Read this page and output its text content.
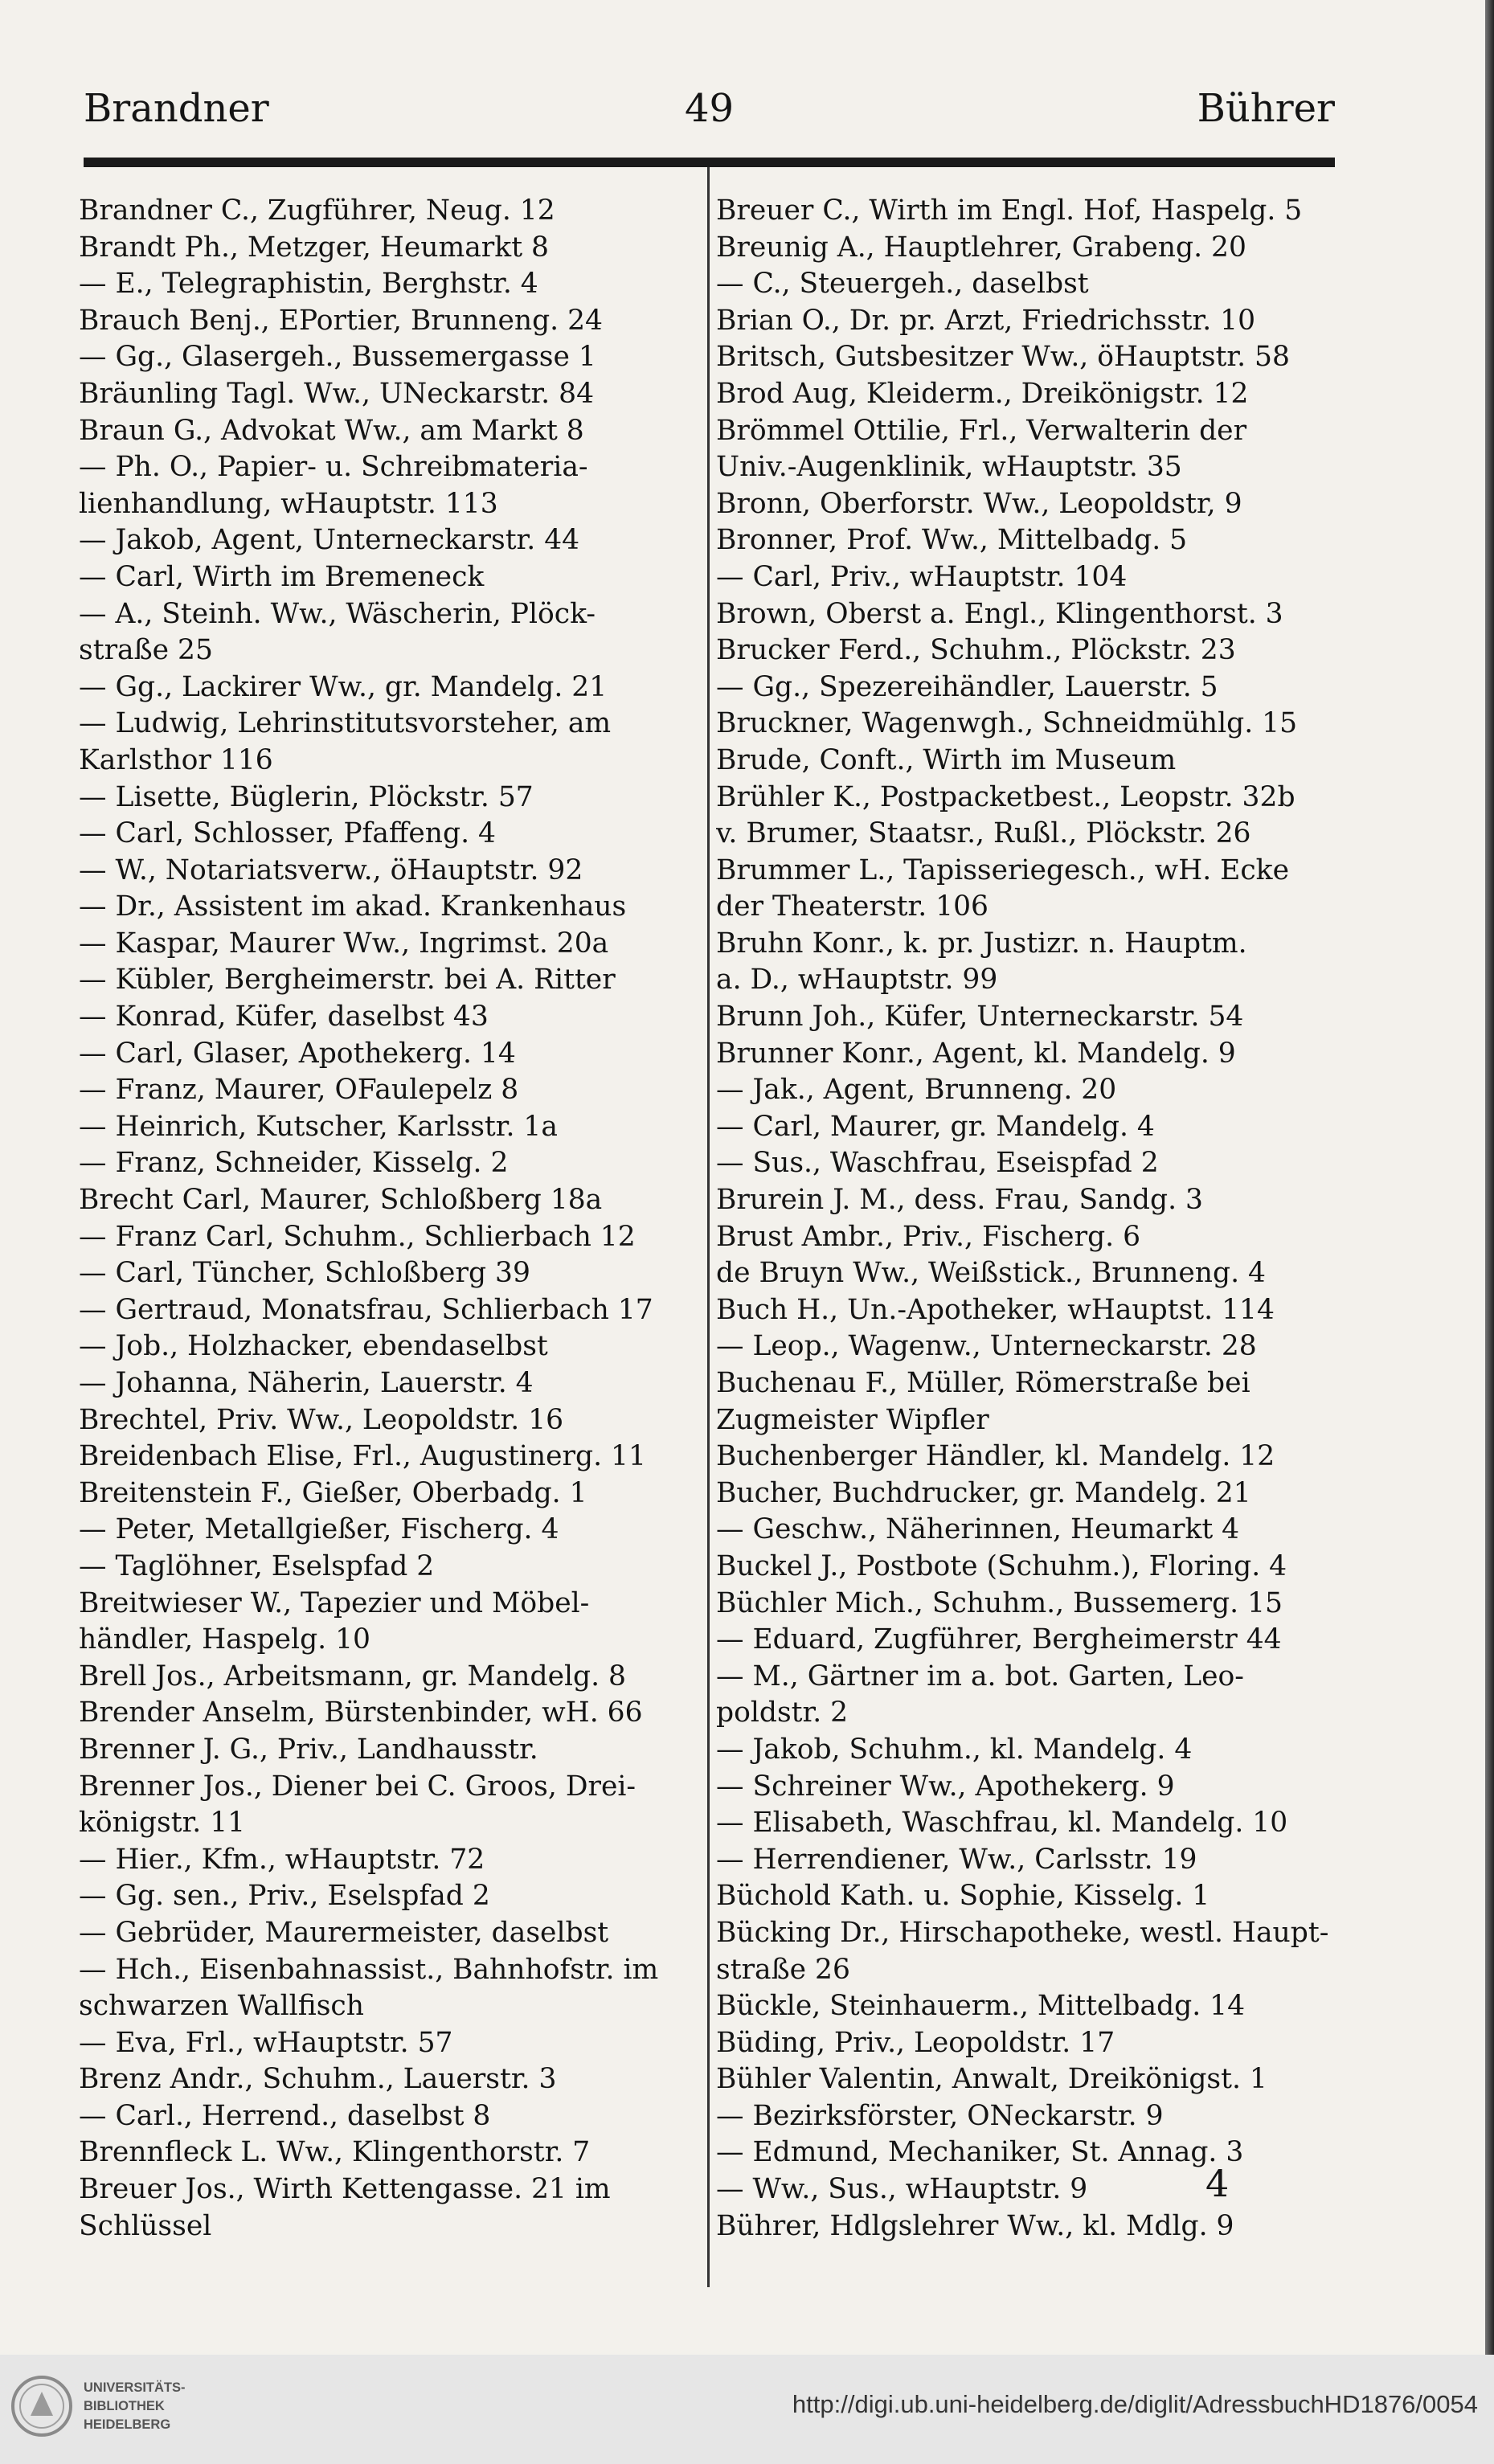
Brandner	49	Bührer
Brandner C., Zugführer, Neug. 12
Brandt Ph., Metzger, Heumarkt 8
— E., Telegraphistin, Berghstr. 4
Brauch Benj., EPortier, Brunneng. 24
— Gg., Glasergeh., Bussemergasse 1
Bräunling Tagl. Ww., UNeckarstr. 84
Braun G., Advokat Ww., am Markt 8
— Ph. O., Papier- u. Schreibmateria-
lienhandlung, wHauptstr. 113
— Jakob, Agent, Unterneckarstr. 44
— Carl, Wirth im Bremeneck
— A., Steinh. Ww., Wäscherin, Plöck-
straße 25
— Gg., Lackirer Ww., gr. Mandelg. 21
— Ludwig, Lehrinstitutsvorsteher, am
Karlsthor 116
— Lisette, Büglerin, Plöckstr. 57
— Carl, Schlosser, Pfaffeng. 4
— W., Notariatsverw., öHauptstr. 92
— Dr., Assistent im akad. Krankenhaus
— Kaspar, Maurer Ww., Ingrimst. 20a
— Kübler, Bergheimerstr. bei A. Ritter
— Konrad, Küfer, daselbst 43
— Carl, Glaser, Apothekerg. 14
— Franz, Maurer, OFaulepelz 8
— Heinrich, Kutscher, Karlsstr. 1a
— Franz, Schneider, Kisselg. 2
Brecht Carl, Maurer, Schloßberg 18a
— Franz Carl, Schuhm., Schlierbach 12
— Carl, Tüncher, Schloßberg 39
— Gertraud, Monatsfrau, Schlierbach 17
— Job., Holzhacker, ebendaselbst
— Johanna, Näherin, Lauerstr. 4
Brechtel, Priv. Ww., Leopoldstr. 16
Breidenbach Elise, Frl., Augustinerg. 11
Breitenstein F., Gießer, Oberbadg. 1
— Peter, Metallgießer, Fischerg. 4
— Taglöhner, Eselspfad 2
Breitwieser W., Tapezier und Möbel-
händler, Haspelg. 10
Brell Jos., Arbeitsmann, gr. Mandelg. 8
Brender Anselm, Bürstenbinder, wH. 66
Brenner J. G., Priv., Landhausstr.
Brenner Jos., Diener bei C. Groos, Drei-
königstr. 11
— Hier., Kfm., wHauptstr. 72
— Gg. sen., Priv., Eselspfad 2
— Gebrüder, Maurermeister, daselbst
— Hch., Eisenbahnassist., Bahnhofstr. im
schwarzen Wallfisch
— Eva, Frl., wHauptstr. 57
Brenz Andr., Schuhm., Lauerstr. 3
— Carl., Herrend., daselbst 8
Brennfleck L. Ww., Klingenthorstr. 7
Breuer Jos., Wirth Kettengasse. 21 im
Schlüssel
Breuer C., Wirth im Engl. Hof, Haspelg. 5
Breunig A., Hauptlehrer, Grabeng. 20
— C., Steuergeh., daselbst
Brian O., Dr. pr. Arzt, Friedrichsstr. 10
Britsch, Gutsbesitzer Ww., öHauptstr. 58
Brod Aug, Kleiderm., Dreikönigstr. 12
Brömmel Ottilie, Frl., Verwalterin der
Univ.-Augenklinik, wHauptstr. 35
Bronn, Oberforstr. Ww., Leopoldstr, 9
Bronner, Prof. Ww., Mittelbadg. 5
— Carl, Priv., wHauptstr. 104
Brown, Oberst a. Engl., Klingenthorst. 3
Brucker Ferd., Schuhm., Plöckstr. 23
— Gg., Spezereihändler, Lauerstr. 5
Bruckner, Wagenwgh., Schneidmühlg. 15
Brude, Conft., Wirth im Museum
Brühler K., Postpacketbest., Leopstr. 32b
v. Brumer, Staatsr., Rußl., Plöckstr. 26
Brummer L., Tapisseriegesch., wH. Ecke
der Theaterstr. 106
Bruhn Konr., k. pr. Justizr. n. Hauptm.
a. D., wHauptstr. 99
Brunn Joh., Küfer, Unterneckarstr. 54
Brunner Konr., Agent, kl. Mandelg. 9
— Jak., Agent, Brunneng. 20
— Carl, Maurer, gr. Mandelg. 4
— Sus., Waschfrau, Eseispfad 2
Brurein J. M., dess. Frau, Sandg. 3
Brust Ambr., Priv., Fischerg. 6
de Bruyn Ww., Weißstick., Brunneng. 4
Buch H., Un.-Apotheker, wHauptst. 114
— Leop., Wagenw., Unterneckarstr. 28
Buchenau F., Müller, Römerstraße bei
Zugmeister Wipfler
Buchenberger Händler, kl. Mandelg. 12
Bucher, Buchdrucker, gr. Mandelg. 21
— Geschw., Näherinnen, Heumarkt 4
Buckel J., Postbote (Schuhm.), Floring. 4
Büchler Mich., Schuhm., Bussemerg. 15
— Eduard, Zugführer, Bergheimerstr 44
— M., Gärtner im a. bot. Garten, Leo-
poldstr. 2
— Jakob, Schuhm., kl. Mandelg. 4
— Schreiner Ww., Apothekerg. 9
— Elisabeth, Waschfrau, kl. Mandelg. 10
— Herrendiener, Ww., Carlsstr. 19
Büchold Kath. u. Sophie, Kisselg. 1
Bücking Dr., Hirschapotheke, westl. Haupt-
straße 26
Bückle, Steinhauerm., Mittelbadg. 14
Büding, Priv., Leopoldstr. 17
Bühler Valentin, Anwalt, Dreikönigst. 1
— Bezirksförster, ONeckarstr. 9
— Edmund, Mechaniker, St. Annag. 3
— Ww., Sus., wHauptstr. 9
Bührer, Hdlgslehrer Ww., kl. Mdlg. 9
4
UNIVERSITÄTS-
BIBLIOTHEK
HEIDELBERG
http://digi.ub.uni-heidelberg.de/diglit/AdressbuchHD1876/0054
